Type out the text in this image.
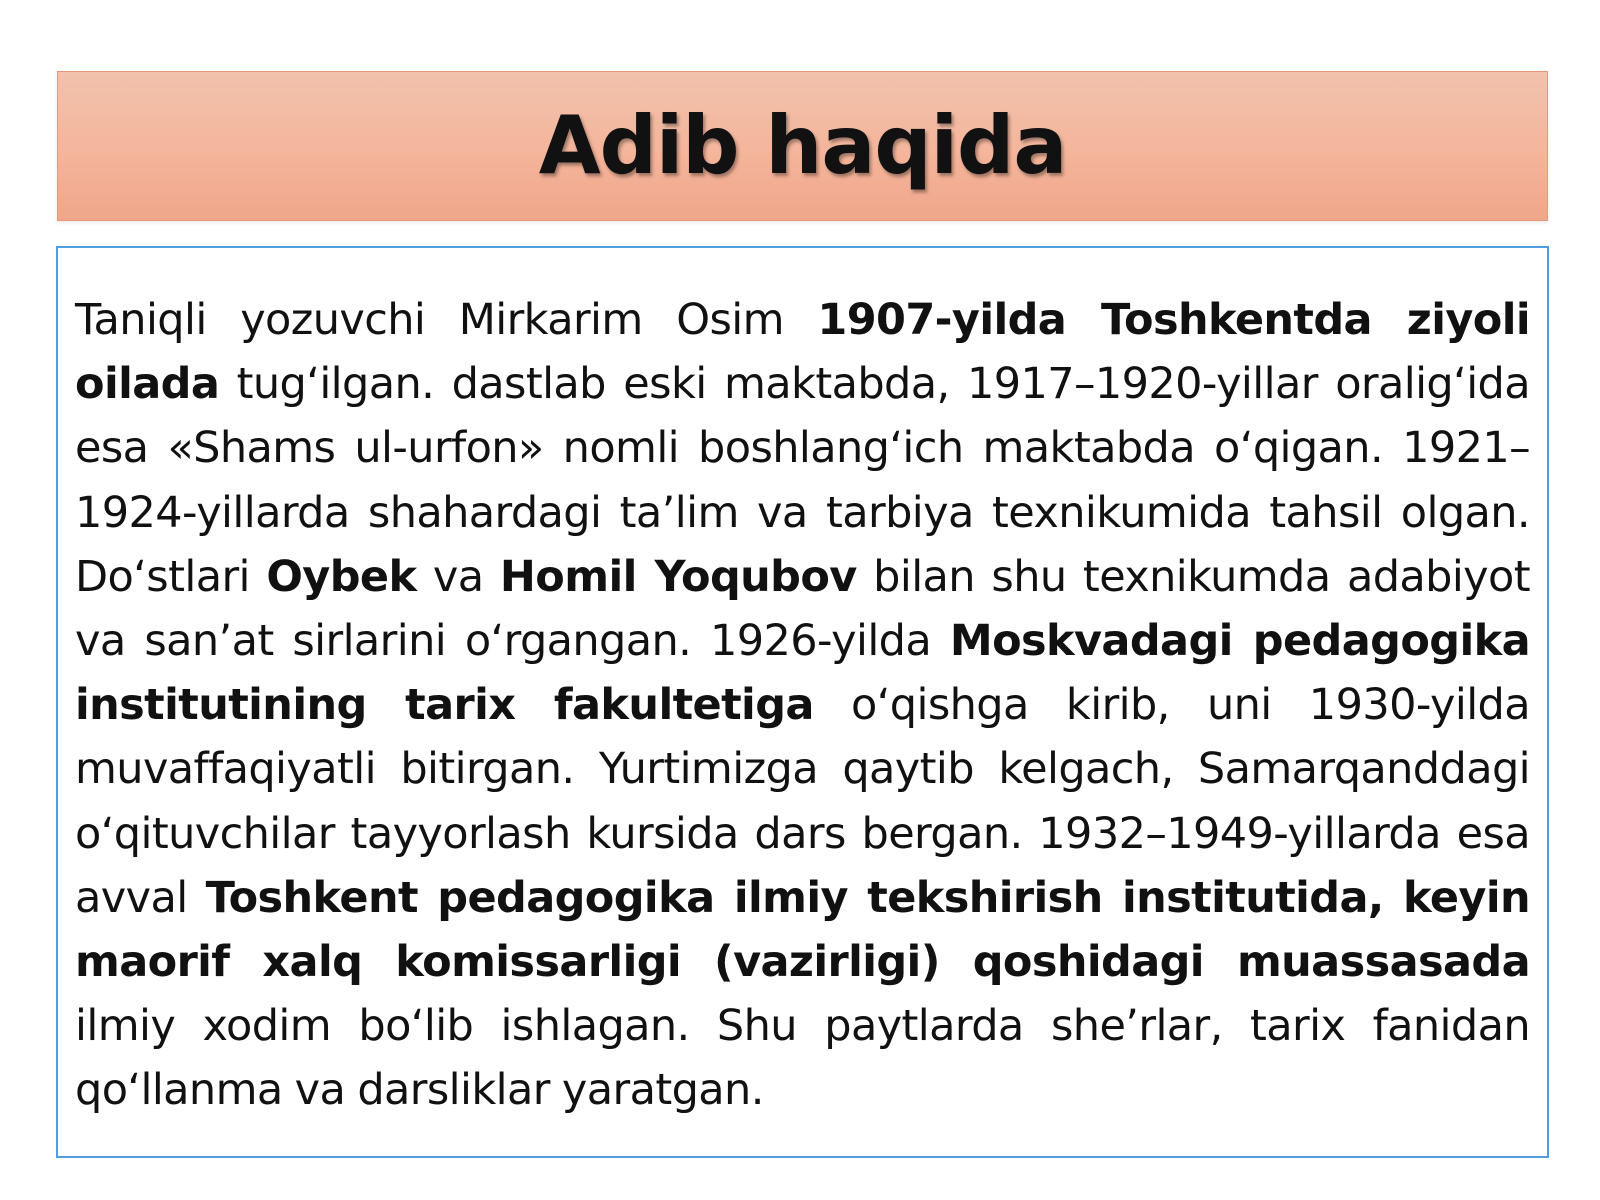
Adib haqida

Taniqli yozuvchi Mirkarim Osim 1907-yilda Toshkentda ziyoli oilada tug‘ilgan. dastlab eski maktabda, 1917–1920-yillar oralig‘ida esa «Shams ul-urfon» nomli boshlang‘ich maktabda o‘qigan. 1921–1924-yillarda shahardagi ta’lim va tarbiya texnikumida tahsil olgan. Do‘stlari Oybek va Homil Yoqubov bilan shu texnikumda adabiyot va san’at sirlarini o‘rgangan. 1926-yilda Moskvadagi pedagogika institutining tarix fakultetiga o‘qishga kirib, uni 1930-yilda muvaffaqiyatli bitirgan. Yurtimizga qaytib kelgach, Samarqanddagi o‘qituvchilar tayyorlash kursida dars bergan. 1932–1949-yillarda esa avval Toshkent pedagogika ilmiy tekshirish institutida, keyin maorif xalq komissarligi (vazirligi) qoshidagi muassasada ilmiy xodim bo‘lib ishlagan. Shu paytlarda she’rlar, tarix fanidan qo‘llanma va darsliklar yaratgan.
